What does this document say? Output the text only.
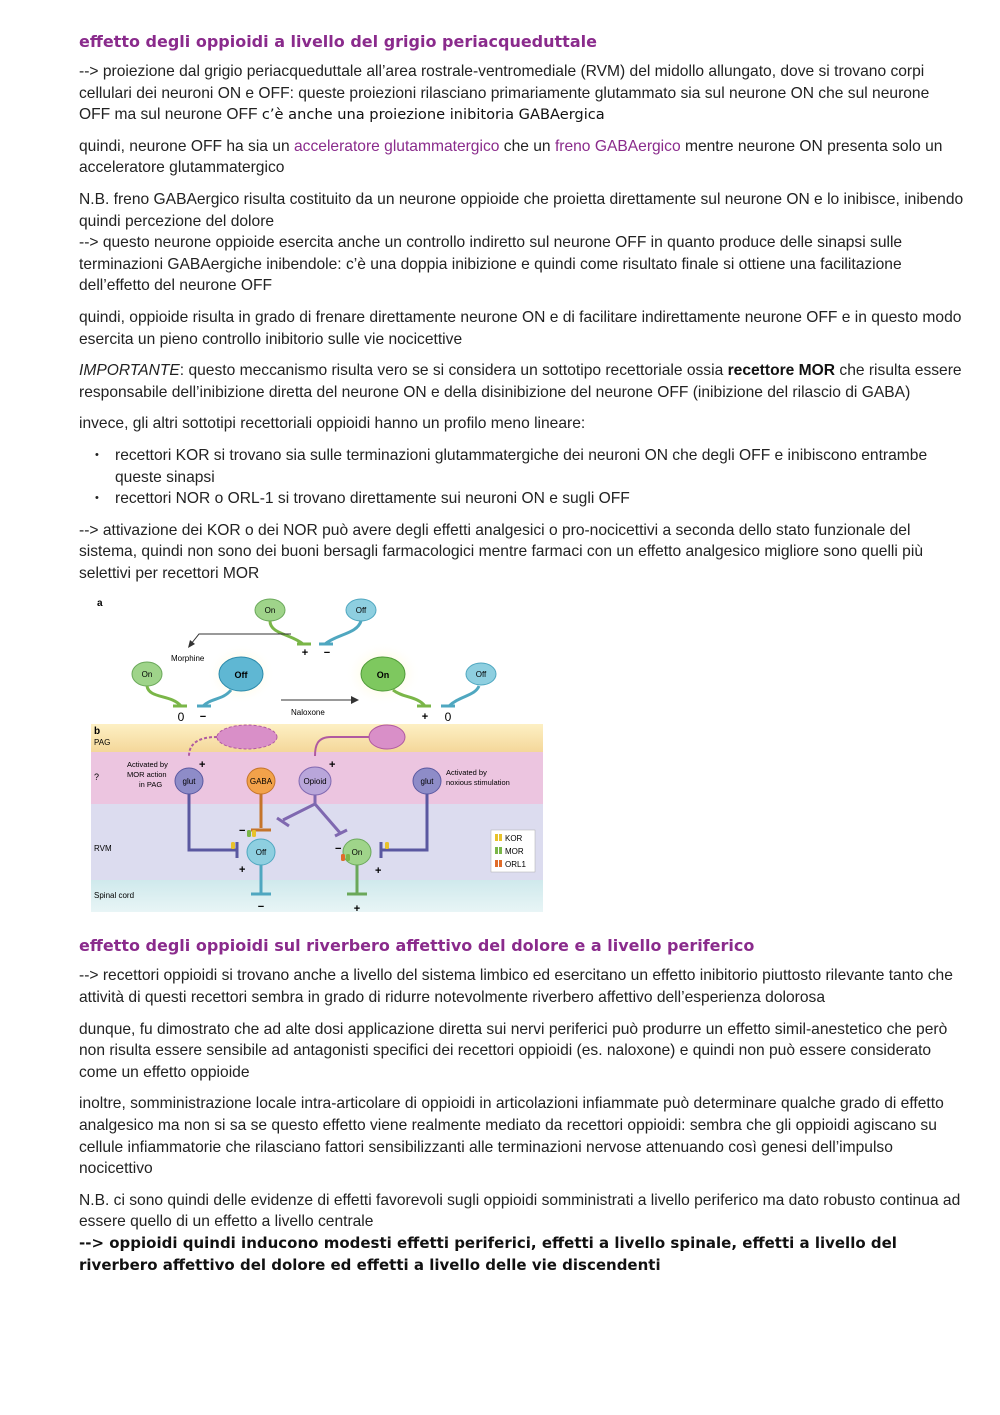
effetto degli oppioidi a livello del grigio periacqueduttale

--> proiezione dal grigio periacqueduttale all’area rostrale-ventromediale (RVM) del midollo allungato, dove si trovano corpi cellulari dei neuroni ON e OFF: queste proiezioni rilasciano primariamente glutammato sia sul neurone ON che sul neurone OFF ma sul neurone OFF c’è anche una proiezione inibitoria GABAergica

quindi, neurone OFF ha sia un acceleratore glutammatergico che un freno GABAergico mentre neurone ON presenta solo un acceleratore glutammatergico

N.B. freno GABAergico risulta costituito da un neurone oppioide che proietta direttamente sul neurone ON e lo inibisce, inibendo quindi percezione del dolore

--> questo neurone oppioide esercita anche un controllo indiretto sul neurone OFF in quanto produce delle sinapsi sulle terminazioni GABAergiche inibendole: c’è una doppia inibizione e quindi come risultato finale si ottiene una facilitazione dell’effetto del neurone OFF

quindi, oppioide risulta in grado di frenare direttamente neurone ON e di facilitare indirettamente neurone OFF e in questo modo esercita un pieno controllo inibitorio sulle vie nocicettive

IMPORTANTE: questo meccanismo risulta vero se si considera un sottotipo recettoriale ossia recettore MOR che risulta essere responsabile dell’inibizione diretta del neurone ON e della disinibizione del neurone OFF (inibizione del rilascio di GABA)

invece, gli altri sottotipi recettoriali oppioidi hanno un profilo meno lineare:

• recettori KOR si trovano sia sulle terminazioni glutammatergiche dei neuroni ON che degli OFF e inibiscono entrambe queste sinapsi
• recettori NOR o ORL-1 si trovano direttamente sui neuroni ON e sugli OFF

--> attivazione dei KOR o dei NOR può avere degli effetti analgesici o pro-nocicettivi a seconda dello stato funzionale del sistema, quindi non sono dei buoni bersagli farmacologici mentre farmaci con un effetto analgesico migliore sono quelli più selettivi per recettori MOR

a
On	Off
+ −
Morphine
On	Off
0 −	Naloxone
On	Off
+ 0
b
PAG
?
RVM
Spinal cord
+	+
Activated by
MOR action
in PAG
Activated by
noxious stimulation
glut	GABA
−
Opioid
−
Off
−
+
On
+
+
glut
KOR
MOR
ORL1
effetto degli oppioidi sul riverbero affettivo del dolore e a livello periferico

--> recettori oppioidi si trovano anche a livello del sistema limbico ed esercitano un effetto inibitorio piuttosto rilevante tanto che attività di questi recettori sembra in grado di ridurre notevolmente riverbero affettivo dell’esperienza dolorosa

dunque, fu dimostrato che ad alte dosi applicazione diretta sui nervi periferici può produrre un effetto simil-anestetico che però non risulta essere sensibile ad antagonisti specifici dei recettori oppioidi (es. naloxone) e quindi non può essere considerato come un effetto oppioide

inoltre, somministrazione locale intra-articolare di oppioidi in articolazioni infiammate può determinare qualche grado di effetto analgesico ma non si sa se questo effetto viene realmente mediato da recettori oppioidi: sembra che gli oppioidi agiscano su cellule infiammatorie che rilasciano fattori sensibilizzanti alle terminazioni nervose attenuando così genesi dell’impulso nocicettivo

N.B. ci sono quindi delle evidenze di effetti favorevoli sugli oppioidi somministrati a livello periferico ma dato robusto continua ad essere quello di un effetto a livello centrale

--> oppioidi quindi inducono modesti effetti periferici, effetti a livello spinale, effetti a livello del riverbero affettivo del dolore ed effetti a livello delle vie discendenti
